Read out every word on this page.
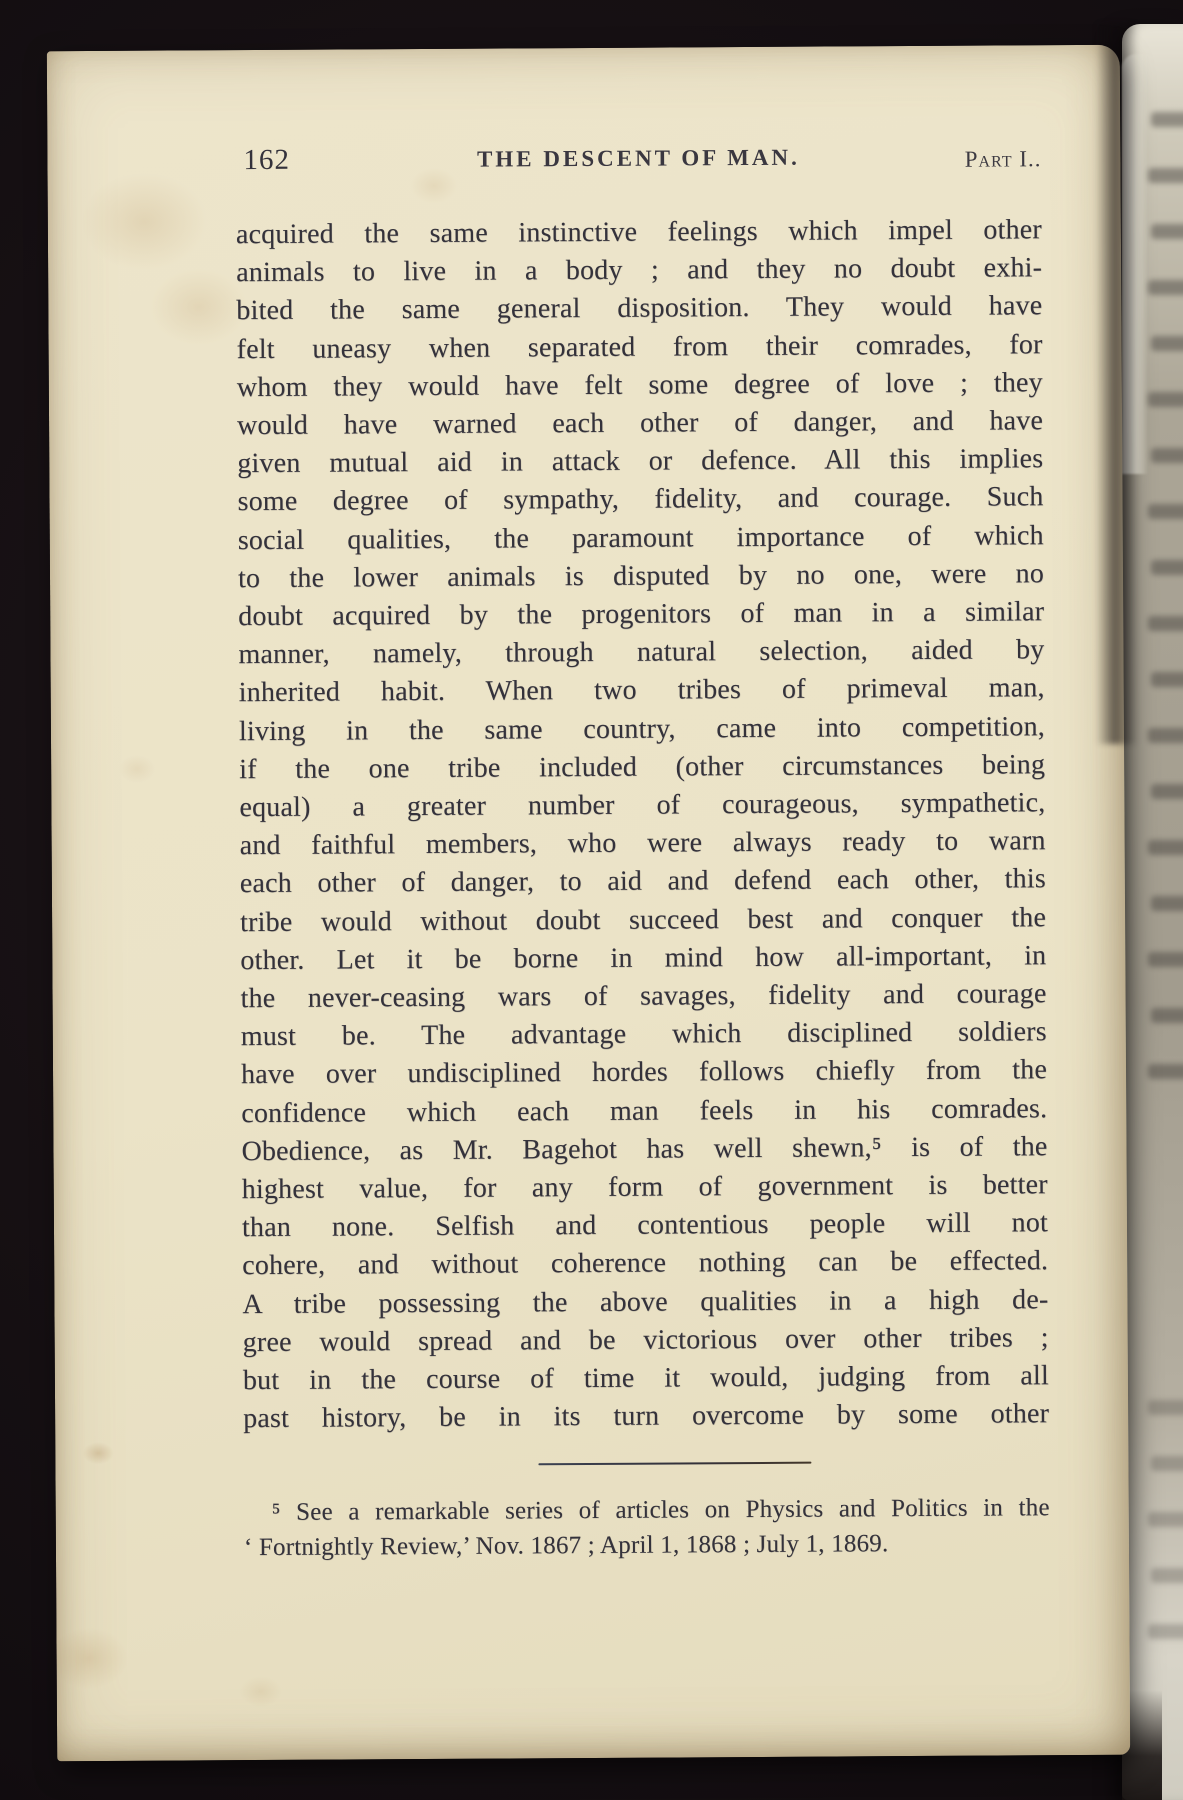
162	THE DESCENT OF MAN.	Part I..
acquired the same instinctive feelings which impel other
animals to live in a body ; and they no doubt exhi-
bited the same general disposition. They would have
felt uneasy when separated from their comrades, for
whom they would have felt some degree of love ; they
would have warned each other of danger, and have
given mutual aid in attack or defence. All this implies
some degree of sympathy, fidelity, and courage. Such
social qualities, the paramount importance of which
to the lower animals is disputed by no one, were no
doubt acquired by the progenitors of man in a similar
manner, namely, through natural selection, aided by
inherited habit. When two tribes of primeval man,
living in the same country, came into competition,
if the one tribe included (other circumstances being
equal) a greater number of courageous, sympathetic,
and faithful members, who were always ready to warn
each other of danger, to aid and defend each other, this
tribe would without doubt succeed best and conquer the
other. Let it be borne in mind how all-important, in
the never-ceasing wars of savages, fidelity and courage
must be. The advantage which disciplined soldiers
have over undisciplined hordes follows chiefly from the
confidence which each man feels in his comrades.
Obedience, as Mr. Bagehot has well shewn,⁵ is of the
highest value, for any form of government is better
than none. Selfish and contentious people will not
cohere, and without coherence nothing can be effected.
A tribe possessing the above qualities in a high de-
gree would spread and be victorious over other tribes ;
but in the course of time it would, judging from all
past history, be in its turn overcome by some other
⁵ See a remarkable series of articles on Physics and Politics in the
‘ Fortnightly Review,’ Nov. 1867 ; April 1, 1868 ; July 1, 1869.
